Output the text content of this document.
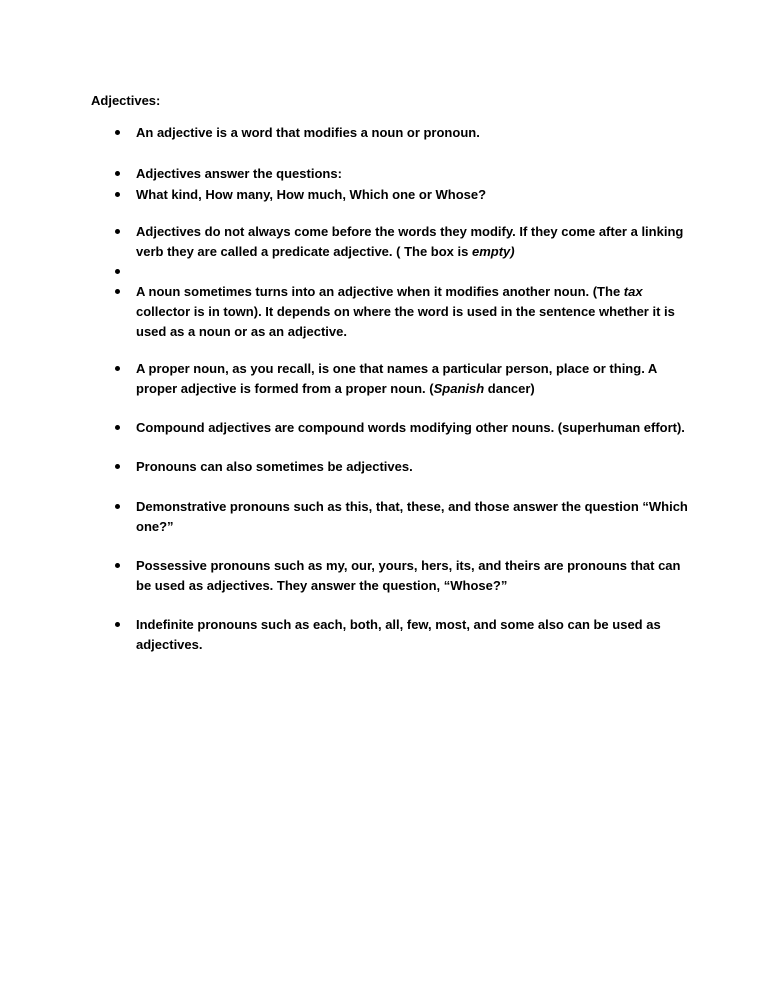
Adjectives:
An adjective is a word that modifies a noun or pronoun.
Adjectives answer the questions:
What kind, How many, How much, Which one or Whose?
Adjectives do not always come before the words they modify. If they come after a linking verb they are called a predicate adjective. ( The box is empty)
A noun sometimes turns into an adjective when it modifies another noun. (The tax collector is in town). It depends on where the word is used in the sentence whether it is used as a noun or as an adjective.
A proper noun, as you recall, is one that names a particular person, place or thing. A proper adjective is formed from a proper noun. (Spanish dancer)
Compound adjectives are compound words modifying other nouns. (superhuman effort).
Pronouns can also sometimes be adjectives.
Demonstrative pronouns such as this, that, these, and those answer the question “Which one?”
Possessive pronouns such as my, our, yours, hers, its, and theirs are pronouns that can be used as adjectives. They answer the question, “Whose?”
Indefinite pronouns such as each, both, all, few, most, and some also can be used as adjectives.
